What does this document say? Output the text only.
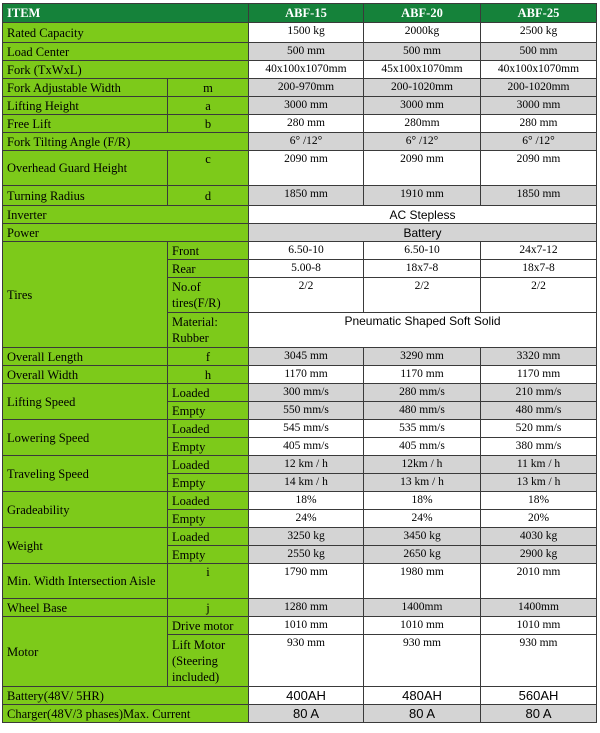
ITEM		ABF-15	ABF-20	ABF-25
Rated Capacity		1500 kg	2000kg	2500 kg
Load Center		500 mm	500 mm	500 mm
Fork (TxWxL)		40x100x1070mm	45x100x1070mm	40x100x1070mm
Fork Adjustable Width	m	200-970mm	200-1020mm	200-1020mm
Lifting Height	a	3000 mm	3000 mm	3000 mm
Free Lift	b	280 mm	280mm	280 mm
Fork Tilting Angle (F/R)		6° /12°	6° /12°	6° /12°
Overhead Guard Height	c	2090 mm	2090 mm	2090 mm
Turning Radius	d	1850 mm	1910 mm	1850 mm
Inverter		AC Stepless		
Power		Battery		
Tires	Front	6.50-10	6.50-10	24x7-12
	Rear	5.00-8	18x7-8	18x7-8
	No.of tires(F/R)	2/2	2/2	2/2
	Material: Rubber	Pneumatic Shaped Soft Solid		
Overall Length	f	3045 mm	3290 mm	3320 mm
Overall Width	h	1170 mm	1170 mm	1170 mm
Lifting Speed	Loaded	300 mm/s	280 mm/s	210 mm/s
	Empty	550 mm/s	480 mm/s	480 mm/s
Lowering Speed	Loaded	545 mm/s	535 mm/s	520 mm/s
	Empty	405 mm/s	405 mm/s	380 mm/s
Traveling Speed	Loaded	12 km / h	12km / h	11 km / h
	Empty	14 km / h	13 km / h	13 km / h
Gradeability	Loaded	18%	18%	18%
	Empty	24%	24%	20%
Weight	Loaded	3250 kg	3450 kg	4030 kg
	Empty	2550 kg	2650 kg	2900 kg
Min. Width Intersection Aisle	i	1790 mm	1980 mm	2010 mm
Wheel Base	j	1280 mm	1400mm	1400mm
Motor	Drive motor	1010 mm	1010 mm	1010 mm
	Lift Motor (Steering included)	930 mm	930 mm	930 mm
Battery(48V/ 5HR)		400AH	480AH	560AH
Charger(48V/3 phases)Max. Current		80 A	80 A	80 A
